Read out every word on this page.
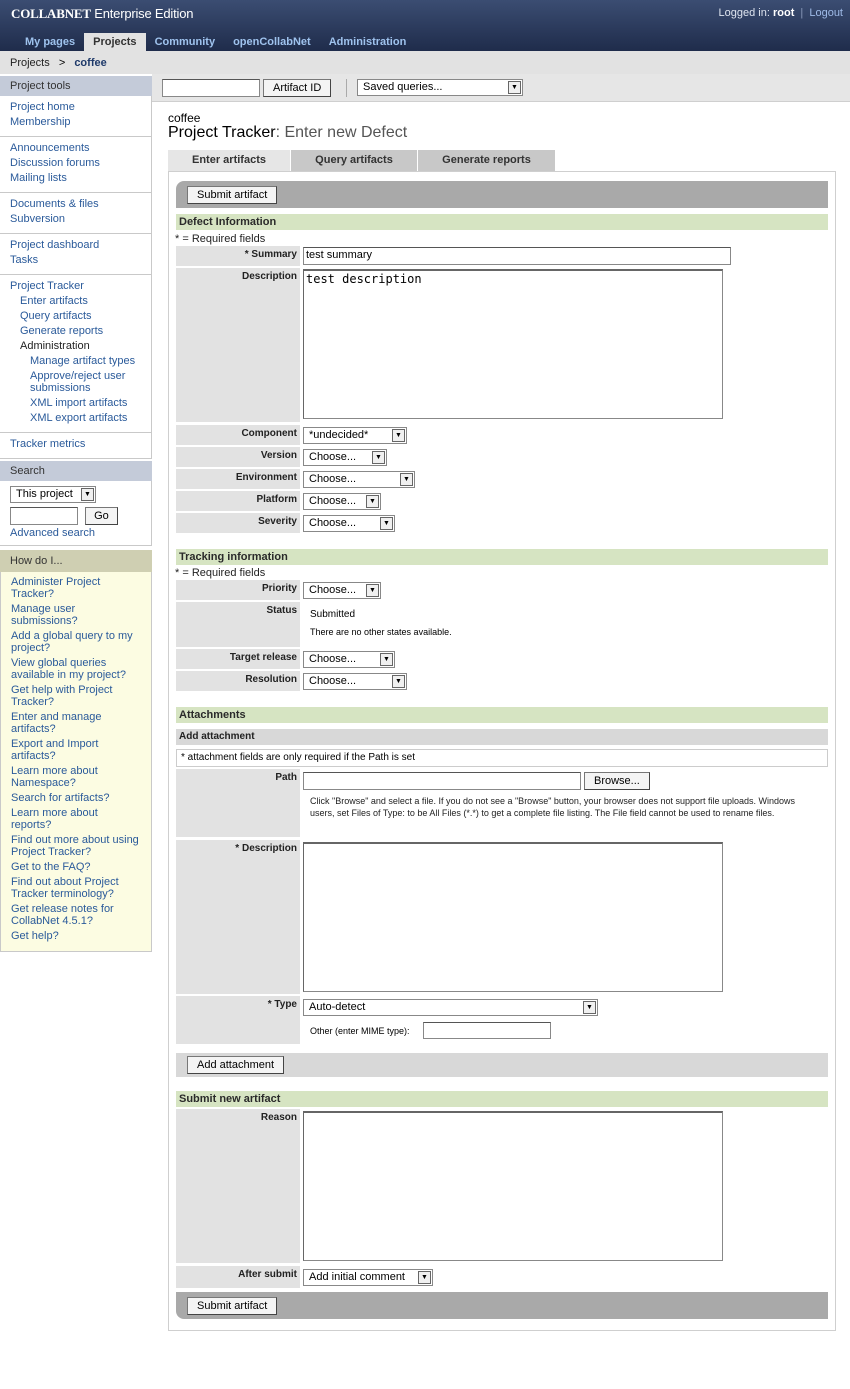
COLLABNET Enterprise Edition	Logged in: root | Logout
My pages	Projects	Community	openCollabNet	Administration
Projects > coffee
Project tools
Project home
Membership
Announcements
Discussion forums
Mailing lists
Documents & files
Subversion
Project dashboard
Tasks
Project Tracker
Enter artifacts
Query artifacts
Generate reports
Administration
Manage artifact types
Approve/reject user submissions
XML import artifacts
XML export artifacts
Tracker metrics
Search
This project	▼
Go
Advanced search
How do I...
Administer Project Tracker?
Manage user submissions?
Add a global query to my project?
View global queries available in my project?
Get help with Project Tracker?
Enter and manage artifacts?
Export and Import artifacts?
Learn more about Namespace?
Search for artifacts?
Learn more about reports?
Find out more about using Project Tracker?
Get to the FAQ?
Find out about Project Tracker terminology?
Get release notes for CollabNet 4.5.1?
Get help?
Artifact ID	Saved queries...	▼
coffee
Project Tracker: Enter new Defect
Enter artifacts	Query artifacts	Generate reports
Submit artifact
Defect Information
* = Required fields
* Summary test summary
Description test description
Component	*undecided*	▼
Version	Choose...	▼
Environment	Choose...	▼
Platform	Choose...	▼
Severity	Choose...	▼
Tracking information
* = Required fields
Priority	Choose...	▼
Status	Submitted
There are no other states available.
Target release	Choose...	▼
Resolution	Choose...	▼
Attachments
Add attachment
* attachment fields are only required if the Path is set
Path	Browse...
Click "Browse" and select a file. If you do not see a "Browse" button, your browser does not support file uploads. Windows users, set Files of Type: to be All Files (*.*) to get a complete file listing. The File field cannot be used to rename files.
* Description
* Type	Auto-detect	▼
Other (enter MIME type):
Add attachment
Submit new artifact
Reason
After submit	Add initial comment	▼
Submit artifact
